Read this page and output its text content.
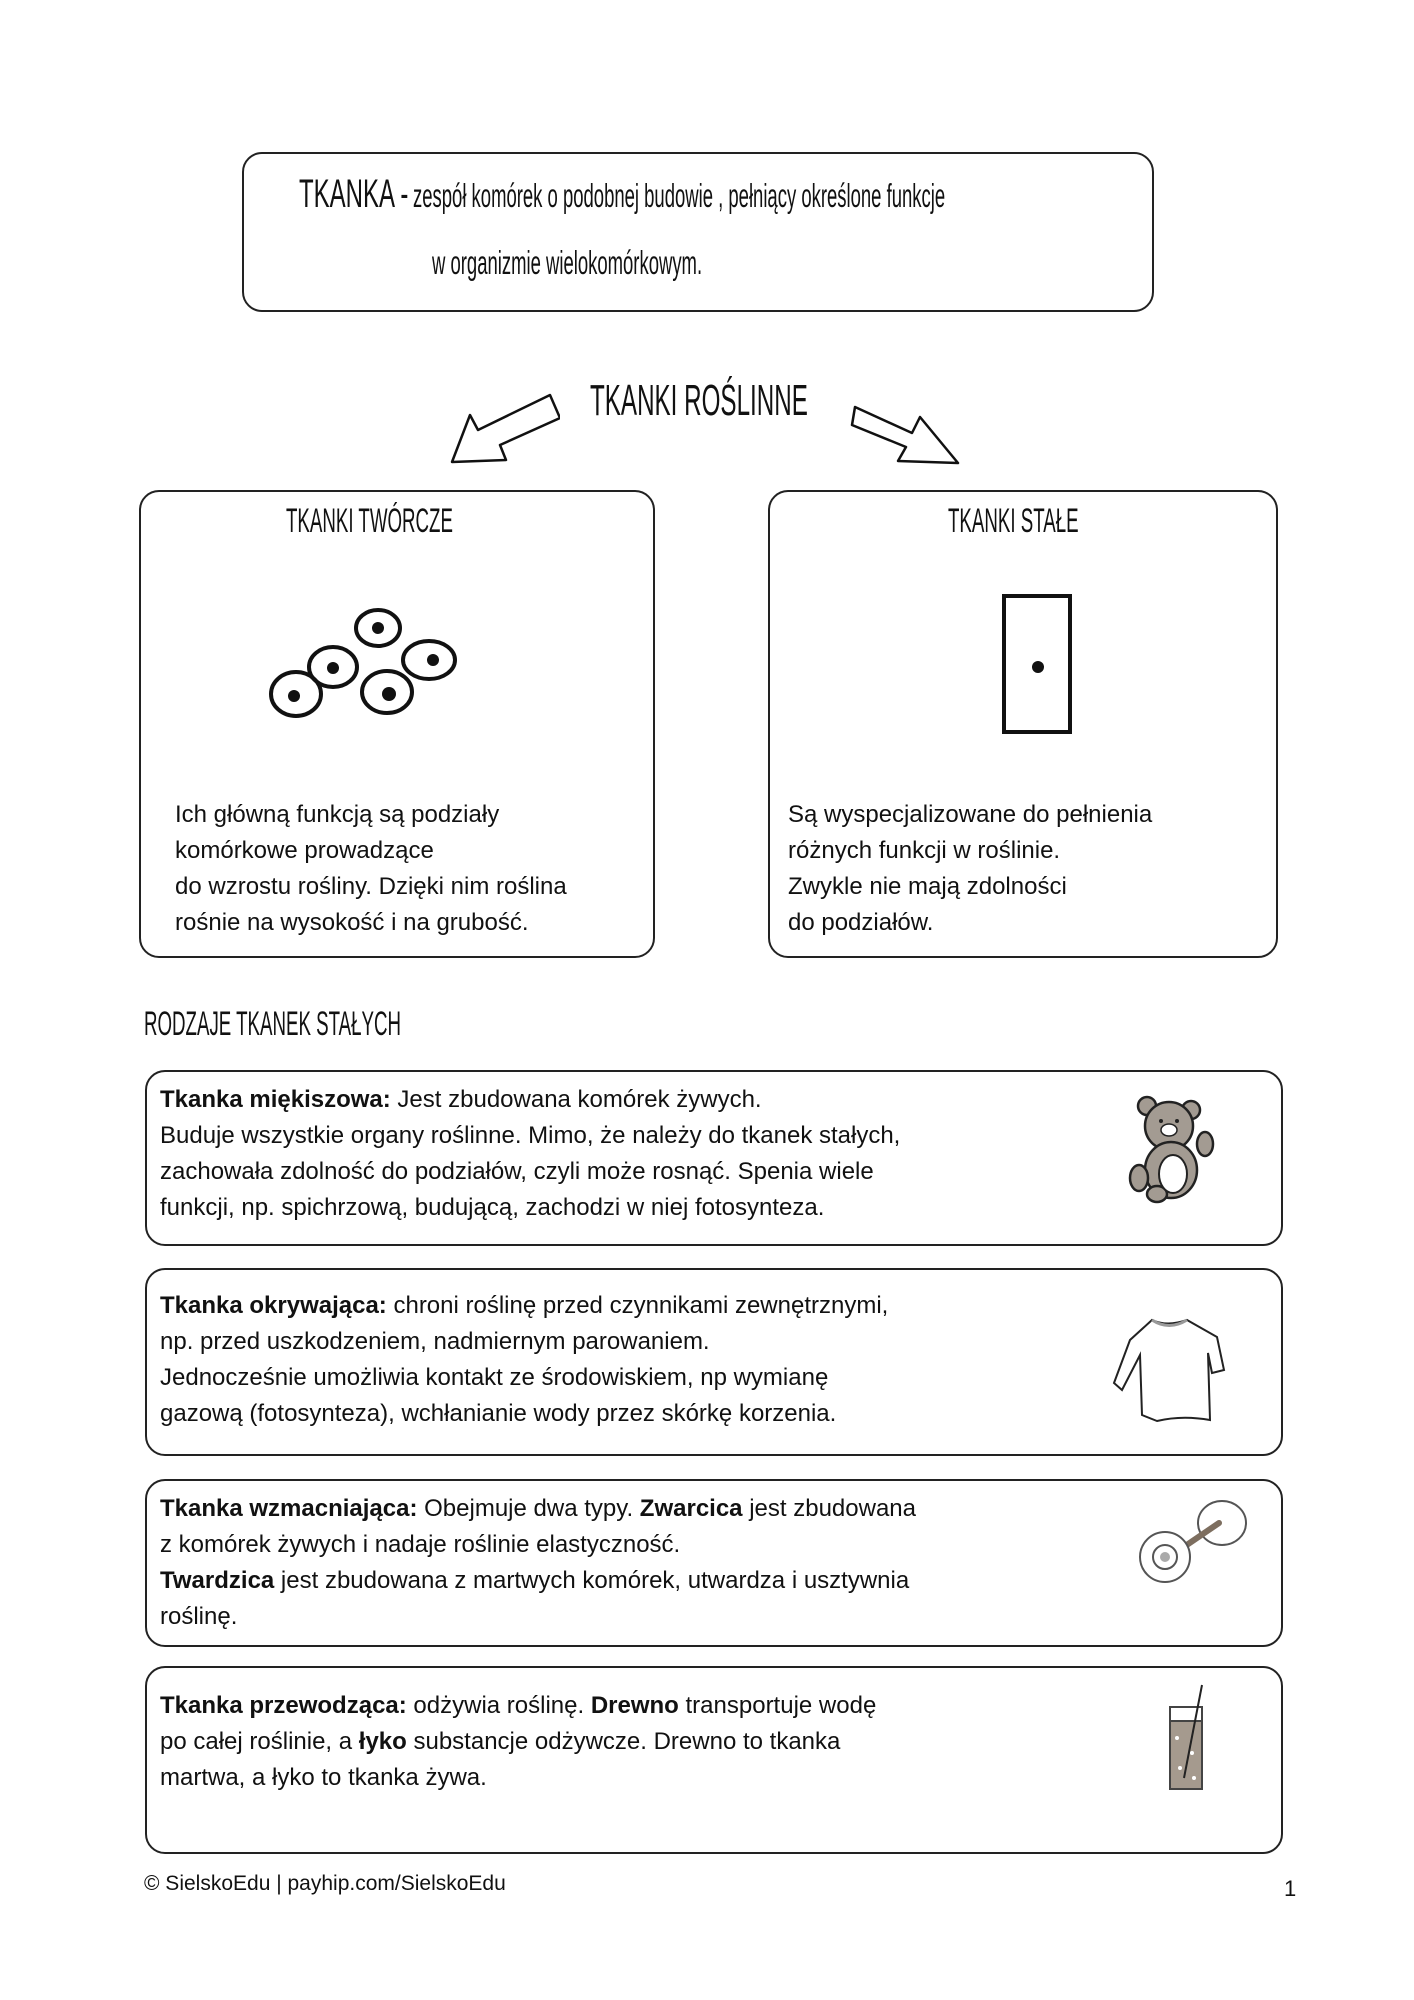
TKANKA - zespół komórek o podobnej budowie , pełniący określone funkcje
w organizmie wielokomórkowym.
TKANKI ROŚLINNE
TKANKI TWÓRCZE
Ich główną funkcją są podziały
komórkowe prowadzące
do wzrostu rośliny. Dzięki nim roślina
rośnie na wysokość i na grubość.
TKANKI STAŁE
Są wyspecjalizowane do pełnienia
różnych funkcji w roślinie.
Zwykle nie mają zdolności
do podziałów.
RODZAJE TKANEK STAŁYCH
Tkanka miękiszowa: Jest zbudowana komórek żywych.
Buduje wszystkie organy roślinne. Mimo, że należy do tkanek stałych,
zachowała zdolność do podziałów, czyli może rosnąć. Spenia wiele
funkcji, np. spichrzową, budującą, zachodzi w niej fotosynteza.
Tkanka okrywająca: chroni roślinę przed czynnikami zewnętrznymi,
np. przed uszkodzeniem, nadmiernym parowaniem.
Jednocześnie umożliwia kontakt ze środowiskiem, np wymianę
gazową (fotosynteza), wchłanianie wody przez skórkę korzenia.
Tkanka wzmacniająca: Obejmuje dwa typy. Zwarcica jest zbudowana
z komórek żywych i nadaje roślinie elastyczność.
Twardzica jest zbudowana z martwych komórek, utwardza i usztywnia
roślinę.
Tkanka przewodząca: odżywia roślinę. Drewno transportuje wodę
po całej roślinie, a łyko substancje odżywcze. Drewno to tkanka
martwa, a łyko to tkanka żywa.
© SielskoEdu | payhip.com/SielskoEdu	1
